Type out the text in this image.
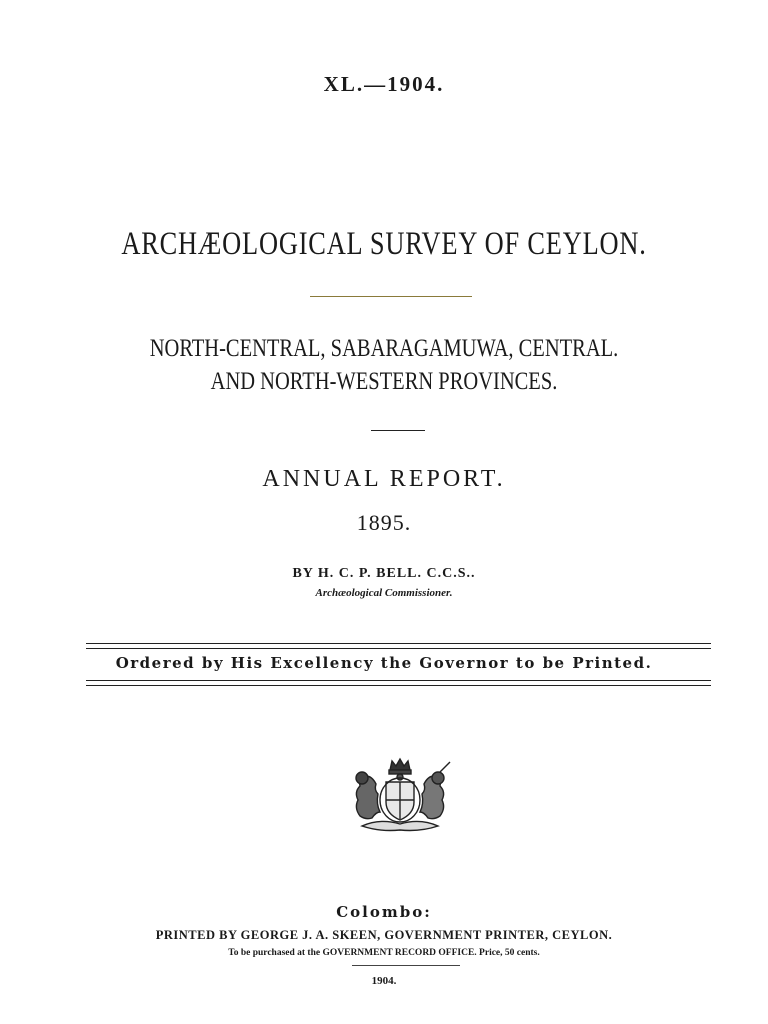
XL.—1904.
ARCHÆOLOGICAL SURVEY OF CEYLON.
NORTH-CENTRAL, SABARAGAMUWA, CENTRAL.
AND NORTH-WESTERN PROVINCES.
ANNUAL REPORT.
1895.
BY H. C. P. BELL. C.C.S..
Archæological Commissioner.
Ordered by His Excellency the Governor to be Printed.
Colombo:
PRINTED BY GEORGE J. A. SKEEN, GOVERNMENT PRINTER, CEYLON.
To be purchased at the GOVERNMENT RECORD OFFICE. Price, 50 cents.
1904.
